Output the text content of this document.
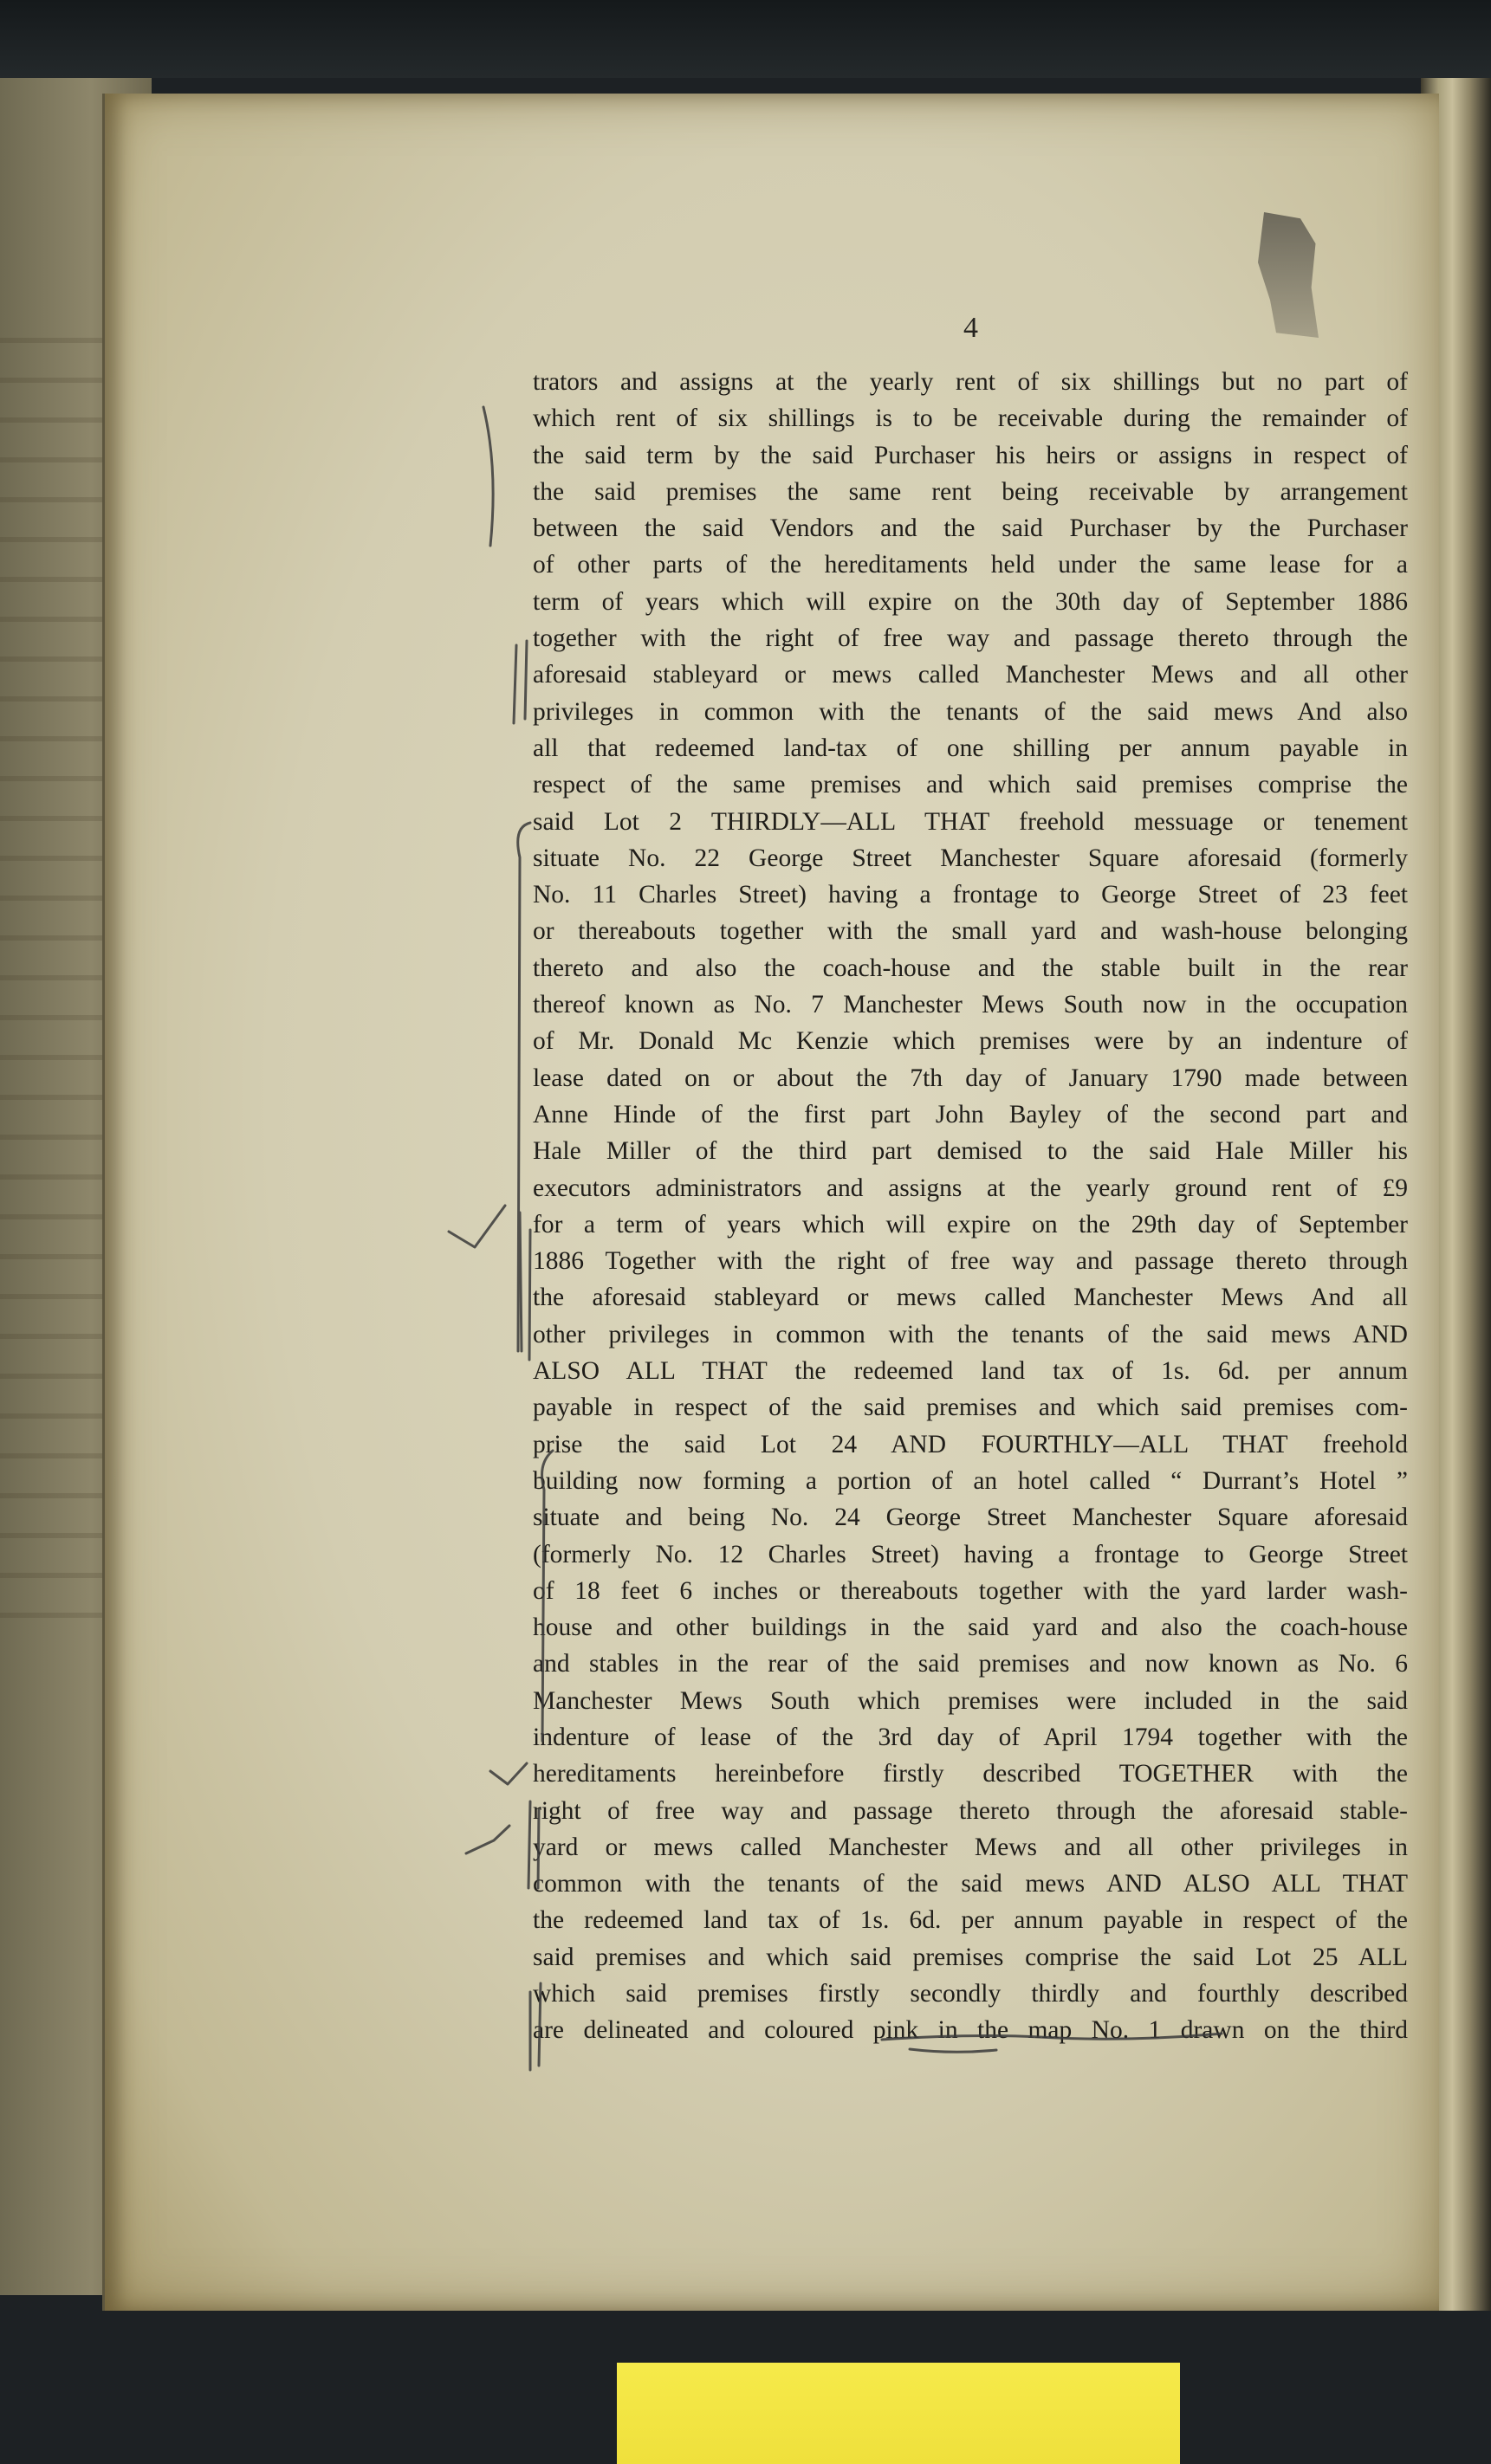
4
trators and assigns at the yearly rent of six shillings but no part of
which rent of six shillings is to be receivable during the remainder of
the said term by the said Purchaser his heirs or assigns in respect of
the said premises the same rent being receivable by arrangement
between the said Vendors and the said Purchaser by the Purchaser
of other parts of the hereditaments held under the same lease for a
term of years which will expire on the 30th day of September 1886
together with the right of free way and passage thereto through the
aforesaid stableyard or mews called Manchester Mews and all other
privileges in common with the tenants of the said mews And also
all that redeemed land-tax of one shilling per annum payable in
respect of the same premises and which said premises comprise the
said Lot 2 THIRDLY—ALL THAT freehold messuage or tenement
situate No. 22 George Street Manchester Square aforesaid (formerly
No. 11 Charles Street) having a frontage to George Street of 23 feet
or thereabouts together with the small yard and wash-house belonging
thereto and also the coach-house and the stable built in the rear
thereof known as No. 7 Manchester Mews South now in the occupation
of Mr. Donald Mc Kenzie which premises were by an indenture of
lease dated on or about the 7th day of January 1790 made between
Anne Hinde of the first part John Bayley of the second part and
Hale Miller of the third part demised to the said Hale Miller his
executors administrators and assigns at the yearly ground rent of £9
for a term of years which will expire on the 29th day of September
1886 Together with the right of free way and passage thereto through
the aforesaid stableyard or mews called Manchester Mews And all
other privileges in common with the tenants of the said mews AND
ALSO ALL THAT the redeemed land tax of 1s. 6d. per annum
payable in respect of the said premises and which said premises com-
prise the said Lot 24 AND FOURTHLY—ALL THAT freehold
building now forming a portion of an hotel called “ Durrant’s Hotel ”
situate and being No. 24 George Street Manchester Square aforesaid
(formerly No. 12 Charles Street) having a frontage to George Street
of 18 feet 6 inches or thereabouts together with the yard larder wash-
house and other buildings in the said yard and also the coach-house
and stables in the rear of the said premises and now known as No. 6
Manchester Mews South which premises were included in the said
indenture of lease of the 3rd day of April 1794 together with the
hereditaments hereinbefore firstly described TOGETHER with the
right of free way and passage thereto through the aforesaid stable-
yard or mews called Manchester Mews and all other privileges in
common with the tenants of the said mews AND ALSO ALL THAT
the redeemed land tax of 1s. 6d. per annum payable in respect of the
said premises and which said premises comprise the said Lot 25 ALL
which said premises firstly secondly thirdly and fourthly described
are delineated and coloured pink in the map No. 1 drawn on the third
